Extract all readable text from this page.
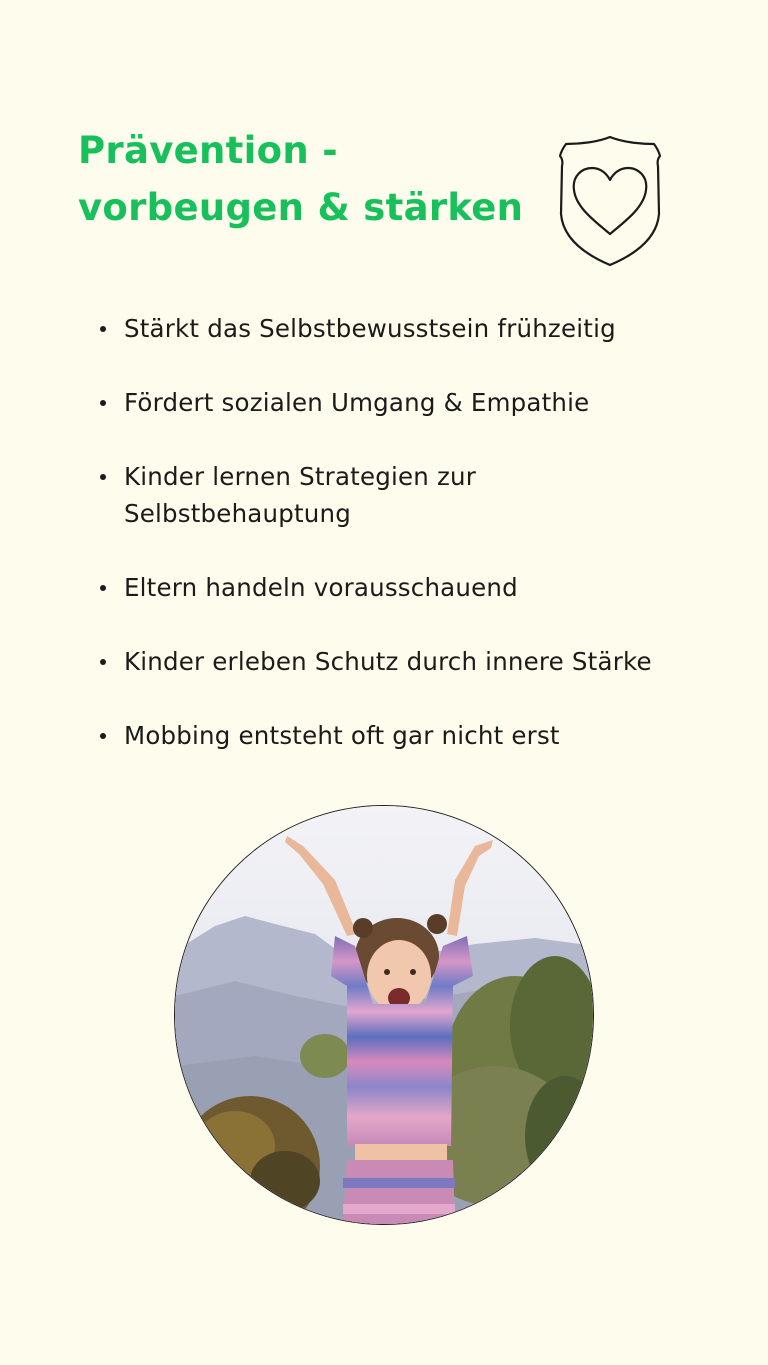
Prävention -
vorbeugen & stärken
Stärkt das Selbstbewusstsein frühzeitig
Fördert sozialen Umgang & Empathie
Kinder lernen Strategien zur
Selbstbehauptung
Eltern handeln vorausschauend
Kinder erleben Schutz durch innere Stärke
Mobbing entsteht oft gar nicht erst
